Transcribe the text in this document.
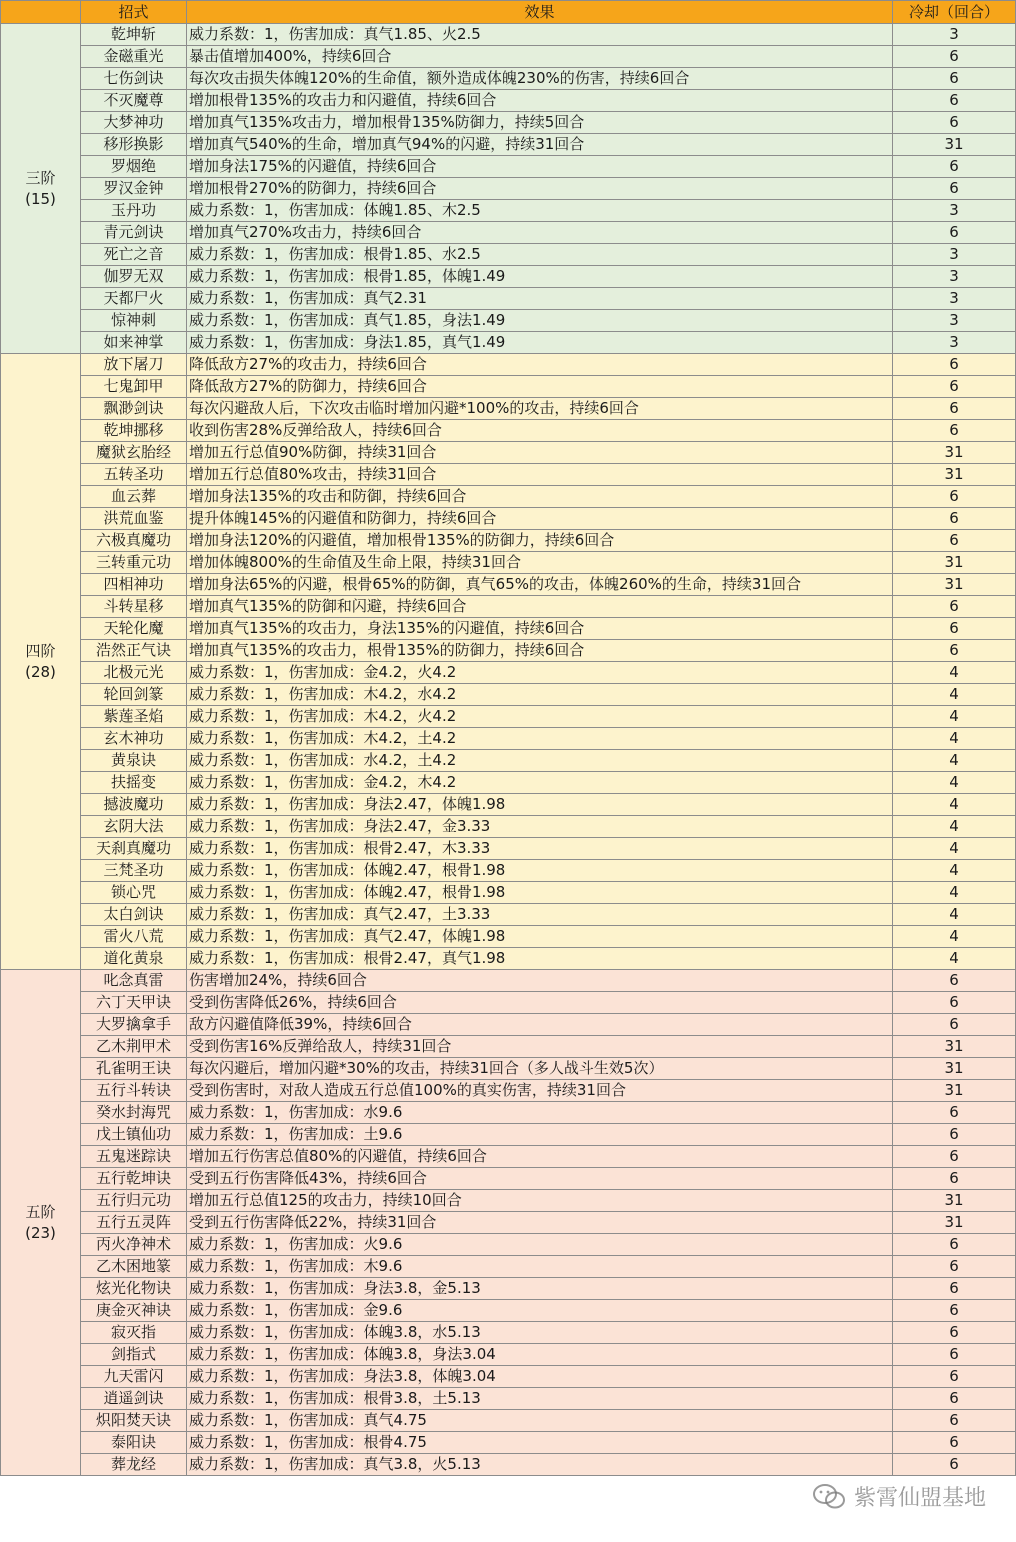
	招式	效果	冷却（回合）

三阶
(15)	乾坤斩	威力系数：1，伤害加成：真气1.85、火2.5	3
	金磁重光	暴击值增加400%，持续6回合	6
	七伤剑诀	每次攻击损失体魄120%的生命值，额外造成体魄230%的伤害，持续6回合	6
	不灭魔尊	增加根骨135%的攻击力和闪避值，持续6回合	6
	大梦神功	增加真气135%攻击力，增加根骨135%防御力，持续5回合	6
	移形换影	增加真气540%的生命，增加真气94%的闪避，持续31回合	31
	罗烟绝	增加身法175%的闪避值，持续6回合	6
	罗汉金钟	增加根骨270%的防御力，持续6回合	6
	玉丹功	威力系数：1，伤害加成：体魄1.85、木2.5	3
	青元剑诀	增加真气270%攻击力，持续6回合	6
	死亡之音	威力系数：1，伤害加成：根骨1.85、水2.5	3
	伽罗无双	威力系数：1，伤害加成：根骨1.85，体魄1.49	3
	天都尸火	威力系数：1，伤害加成：真气2.31	3
	惊神刺	威力系数：1，伤害加成：真气1.85，身法1.49	3
	如来神掌	威力系数：1，伤害加成：身法1.85，真气1.49	3

四阶
(28)	放下屠刀	降低敌方27%的攻击力，持续6回合	6
	七鬼卸甲	降低敌方27%的防御力，持续6回合	6
	飘渺剑诀	每次闪避敌人后，下次攻击临时增加闪避*100%的攻击，持续6回合	6
	乾坤挪移	收到伤害28%反弹给敌人，持续6回合	6
	魔狱玄胎经	增加五行总值90%防御，持续31回合	31
	五转圣功	增加五行总值80%攻击，持续31回合	31
	血云葬	增加身法135%的攻击和防御，持续6回合	6
	洪荒血鉴	提升体魄145%的闪避值和防御力，持续6回合	6
	六极真魔功	增加身法120%的闪避值，增加根骨135%的防御力，持续6回合	6
	三转重元功	增加体魄800%的生命值及生命上限，持续31回合	31
	四相神功	增加身法65%的闪避，根骨65%的防御，真气65%的攻击，体魄260%的生命，持续31回合	31
	斗转星移	增加真气135%的防御和闪避，持续6回合	6
	天轮化魔	增加真气135%的攻击力，身法135%的闪避值，持续6回合	6
	浩然正气诀	增加真气135%的攻击力，根骨135%的防御力，持续6回合	6
	北极元光	威力系数：1，伤害加成：金4.2，火4.2	4
	轮回剑篆	威力系数：1，伤害加成：木4.2，水4.2	4
	紫莲圣焰	威力系数：1，伤害加成：木4.2，火4.2	4
	玄木神功	威力系数：1，伤害加成：木4.2，土4.2	4
	黄泉诀	威力系数：1，伤害加成：水4.2，土4.2	4
	扶摇变	威力系数：1，伤害加成：金4.2，木4.2	4
	撼波魔功	威力系数：1，伤害加成：身法2.47，体魄1.98	4
	玄阴大法	威力系数：1，伤害加成：身法2.47，金3.33	4
	天刹真魔功	威力系数：1，伤害加成：根骨2.47，木3.33	4
	三梵圣功	威力系数：1，伤害加成：体魄2.47，根骨1.98	4
	锁心咒	威力系数：1，伤害加成：体魄2.47，根骨1.98	4
	太白剑诀	威力系数：1，伤害加成：真气2.47，土3.33	4
	雷火八荒	威力系数：1，伤害加成：真气2.47，体魄1.98	4
	道化黄泉	威力系数：1，伤害加成：根骨2.47，真气1.98	4

五阶
(23)	叱念真雷	伤害增加24%，持续6回合	6
	六丁天甲诀	受到伤害降低26%，持续6回合	6
	大罗擒拿手	敌方闪避值降低39%，持续6回合	6
	乙木荆甲术	受到伤害16%反弹给敌人，持续31回合	31
	孔雀明王诀	每次闪避后，增加闪避*30%的攻击，持续31回合（多人战斗生效5次）	31
	五行斗转诀	受到伤害时，对敌人造成五行总值100%的真实伤害，持续31回合	31
	癸水封海咒	威力系数：1，伤害加成：水9.6	6
	戊土镇仙功	威力系数：1，伤害加成：土9.6	6
	五鬼迷踪诀	增加五行伤害总值80%的闪避值，持续6回合	6
	五行乾坤诀	受到五行伤害降低43%，持续6回合	6
	五行归元功	增加五行总值125的攻击力，持续10回合	31
	五行五灵阵	受到五行伤害降低22%，持续31回合	31
	丙火净神术	威力系数：1，伤害加成：火9.6	6
	乙木困地篆	威力系数：1，伤害加成：木9.6	6
	炫光化物诀	威力系数：1，伤害加成：身法3.8，金5.13	6
	庚金灭神诀	威力系数：1，伤害加成：金9.6	6
	寂灭指	威力系数：1，伤害加成：体魄3.8，水5.13	6
	剑指式	威力系数：1，伤害加成：体魄3.8，身法3.04	6
	九天雷闪	威力系数：1，伤害加成：身法3.8，体魄3.04	6
	逍遥剑诀	威力系数：1，伤害加成：根骨3.8，土5.13	6
	炽阳焚天诀	威力系数：1，伤害加成：真气4.75	6
	泰阳诀	威力系数：1，伤害加成：根骨4.75	6
	葬龙经	威力系数：1，伤害加成：真气3.8，火5.13	6
紫霄仙盟基地
